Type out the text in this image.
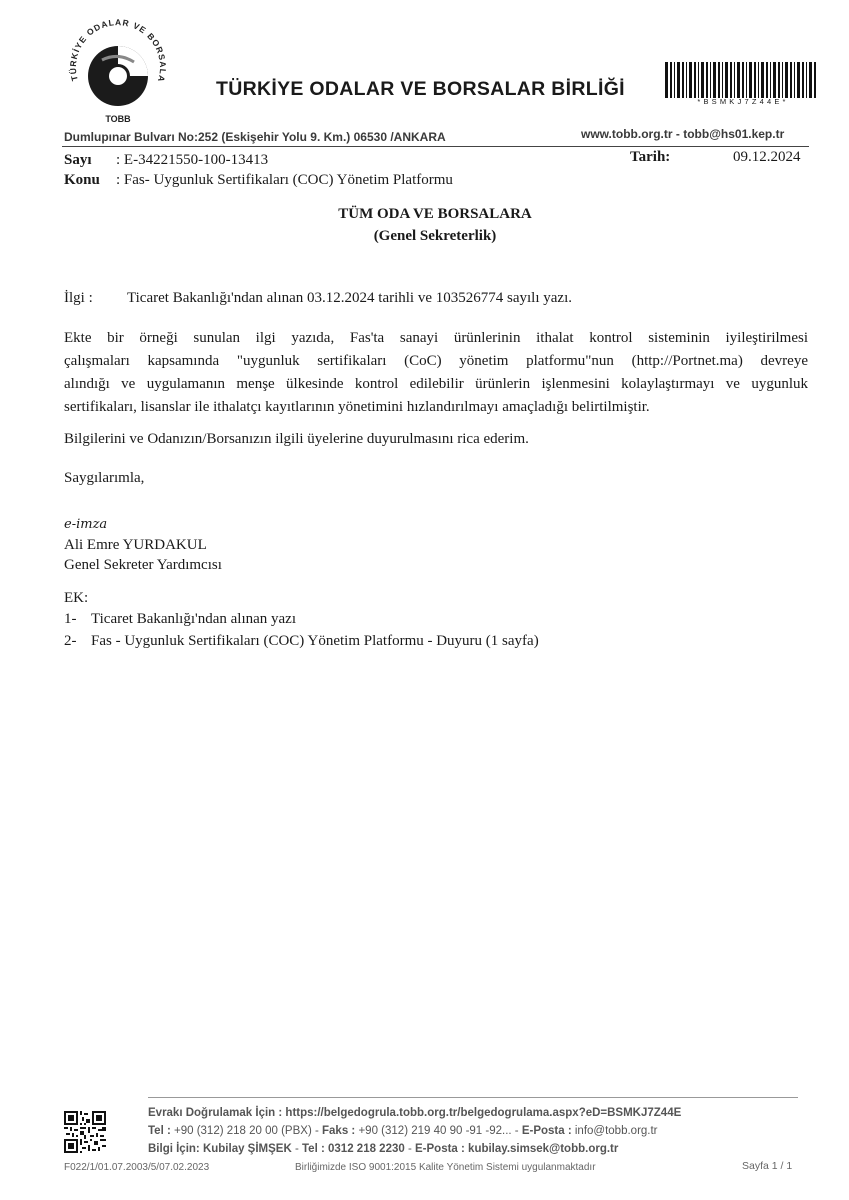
TÜRKİYE ODALAR VE BORSALA
TOBB
TÜRKİYE ODALAR VE BORSALAR BİRLİĞİ
*BSMKJ7Z44E*
Dumlupınar Bulvarı No:252 (Eskişehir Yolu 9. Km.) 06530 /ANKARA	www.tobb.org.tr - tobb@hs01.kep.tr
Sayı : E-34221550-100-13413
Konu : Fas- Uygunluk Sertifikaları (COC) Yönetim Platformu
Tarih:	09.12.2024
TÜM ODA VE BORSALARA
(Genel Sekreterlik)
İlgi : Ticaret Bakanlığı'ndan alınan 03.12.2024 tarihli ve 103526774 sayılı yazı.
Ekte bir örneği sunulan ilgi yazıda, Fas'ta sanayi ürünlerinin ithalat kontrol sisteminin iyileştirilmesi
çalışmaları kapsamında "uygunluk sertifikaları (CoC) yönetim platformu"nun (http://Portnet.ma) devreye
alındığı ve uygulamanın menşe ülkesinde kontrol edilebilir ürünlerin işlenmesini kolaylaştırmayı ve uygunluk
sertifikaları, lisanslar ile ithalatçı kayıtlarının yönetimini hızlandırılmayı amaçladığı belirtilmiştir.
Bilgilerini ve Odanızın/Borsanızın ilgili üyelerine duyurulmasını rica ederim.
Saygılarımla,
e-imza
Ali Emre YURDAKUL
Genel Sekreter Yardımcısı
EK:
1- Ticaret Bakanlığı'ndan alınan yazı
2- Fas - Uygunluk Sertifikaları (COC) Yönetim Platformu - Duyuru (1 sayfa)
Evrakı Doğrulamak İçin : https://belgedogrula.tobb.org.tr/belgedogrulama.aspx?eD=BSMKJ7Z44E
Tel : +90 (312) 218 20 00 (PBX) - Faks : +90 (312) 219 40 90 -91 -92... - E-Posta : info@tobb.org.tr
Bilgi İçin: Kubilay ŞİMŞEK - Tel : 0312 218 2230 - E-Posta : kubilay.simsek@tobb.org.tr
F022/1/01.07.2003/5/07.02.2023	Birliğimizde ISO 9001:2015 Kalite Yönetim Sistemi uygulanmaktadır	Sayfa 1 / 1
